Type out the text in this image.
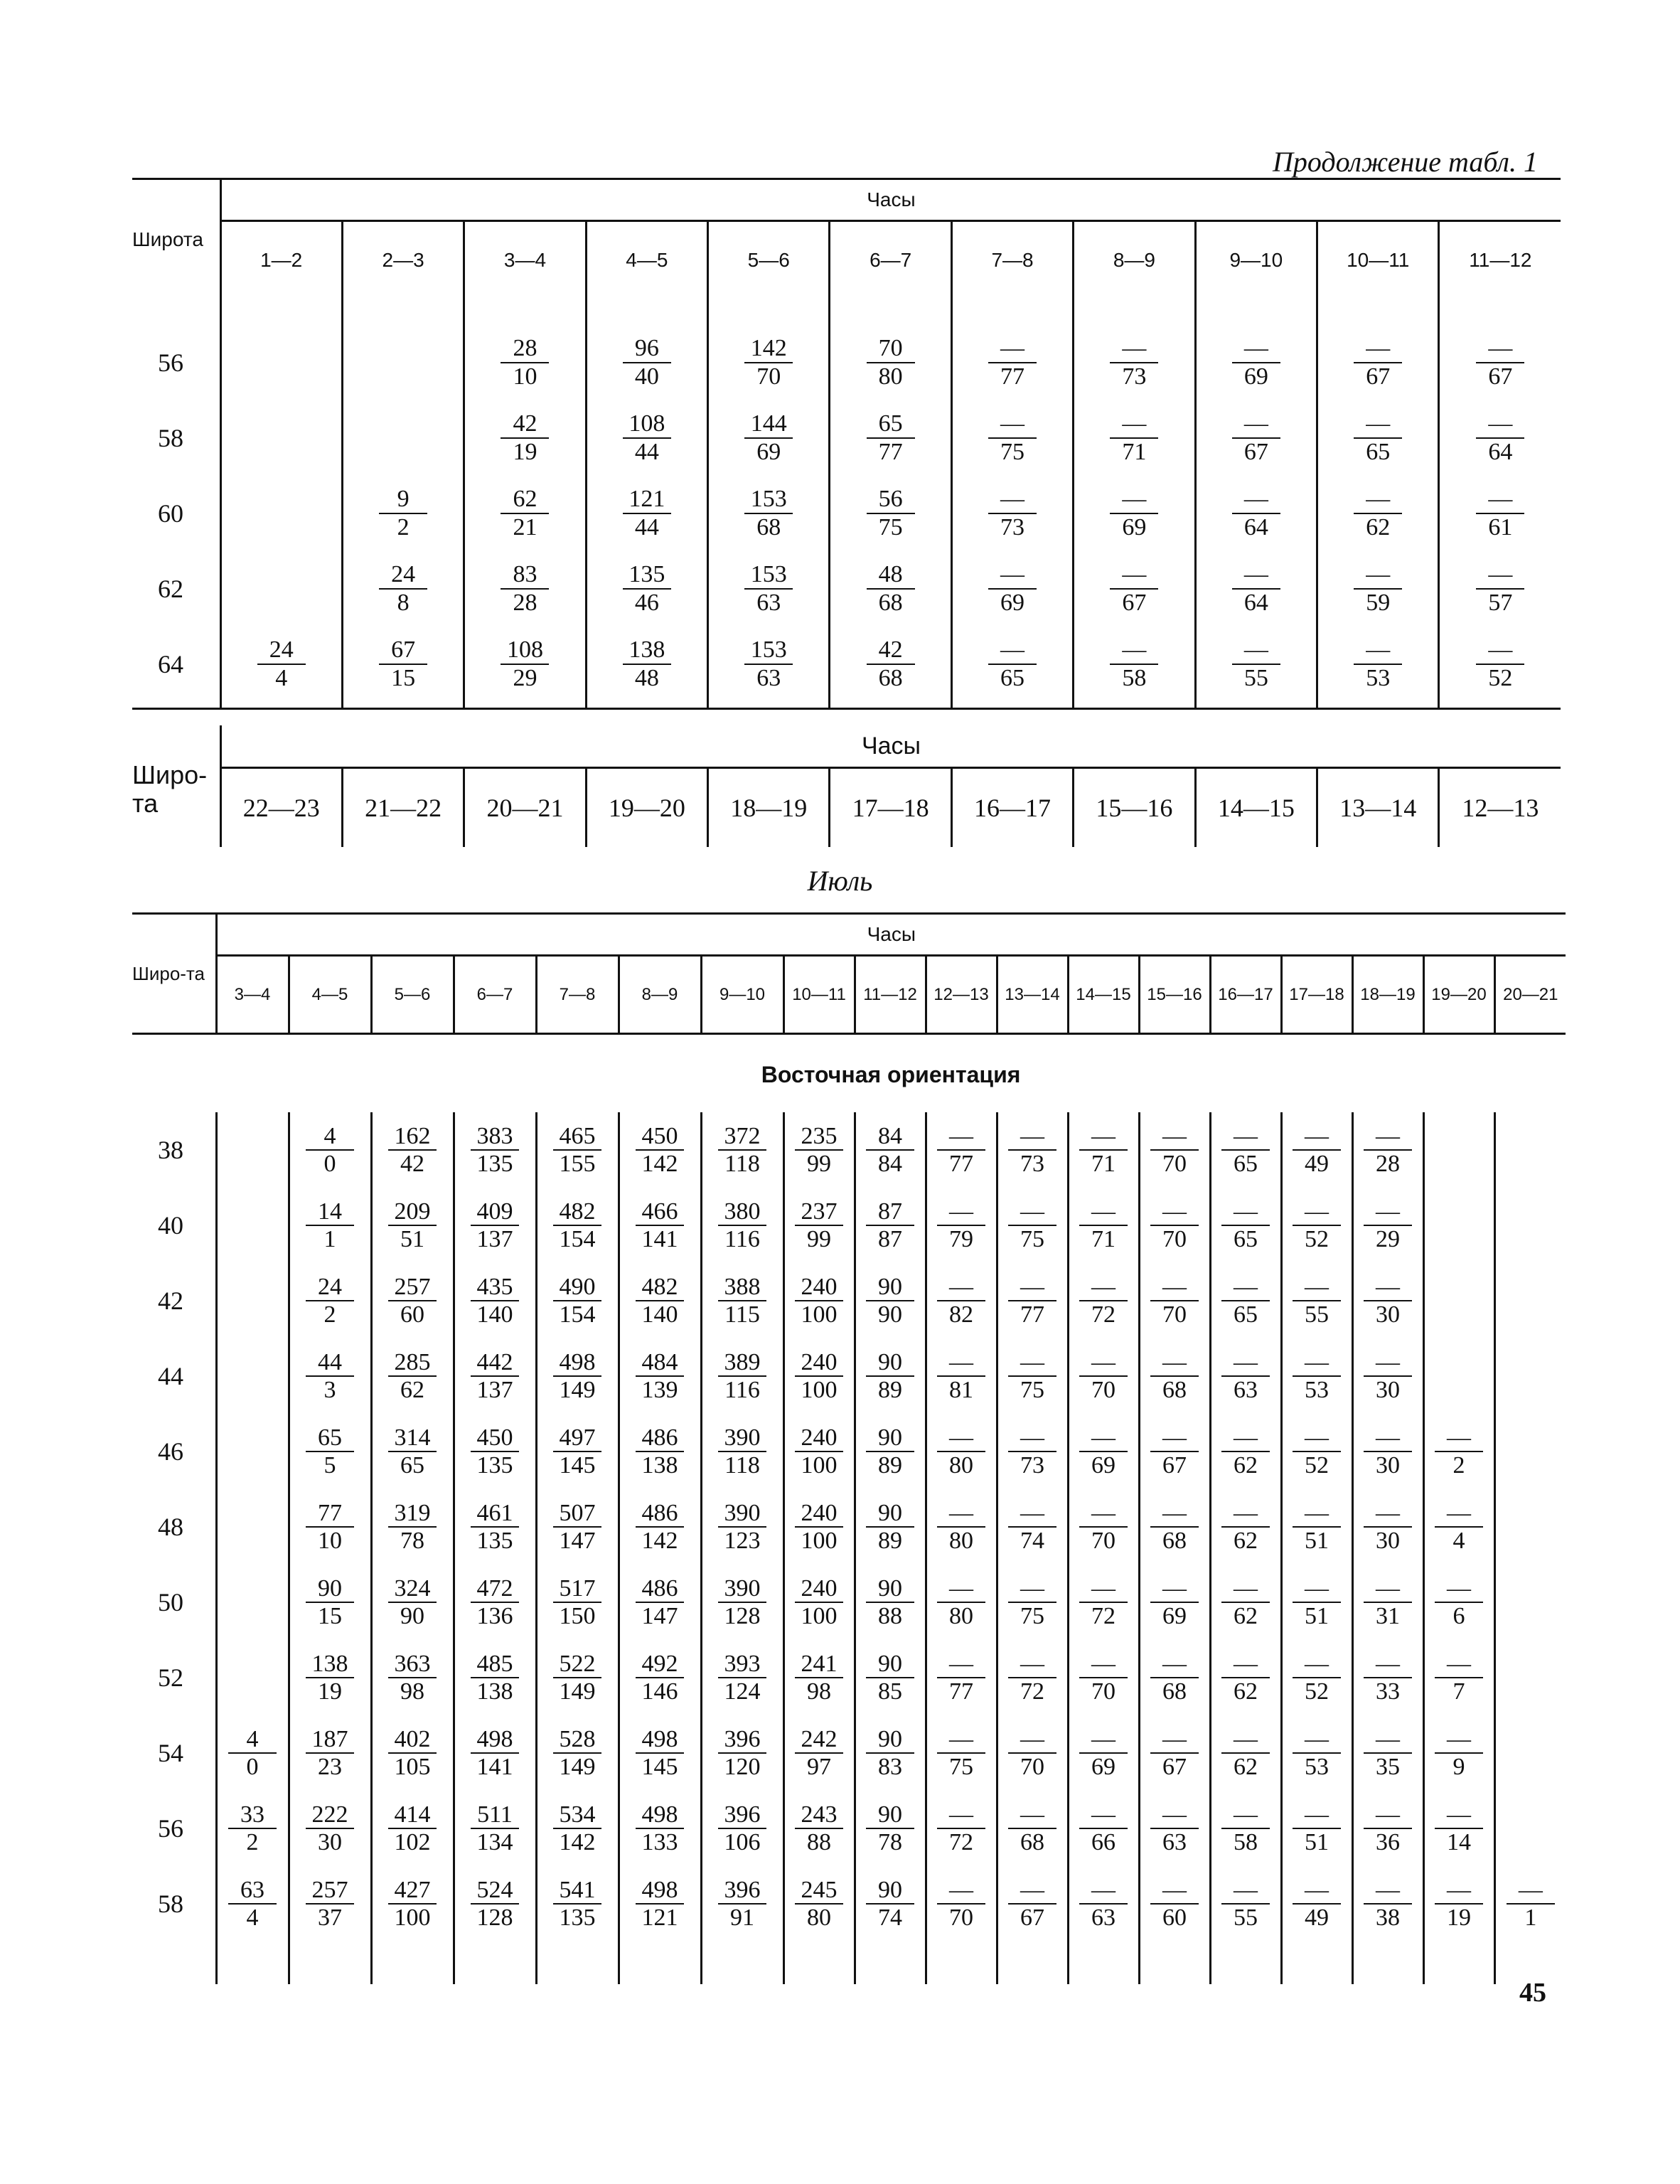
Продолжение табл. 1
Широта	Часы										
	1—2	2—3	3—4	4—5	5—6	6—7	7—8	8—9	9—10	10—11	11—12
56			$\frac{28}{10}$	$\frac{96}{40}$	$\frac{142}{70}$	$\frac{70}{80}$	$\frac{—}{77}$	$\frac{—}{73}$	$\frac{—}{69}$	$\frac{—}{67}$	$\frac{—}{67}$

58			$\frac{42}{19}$	$\frac{108}{44}$	$\frac{144}{69}$	$\frac{65}{77}$	$\frac{—}{75}$	$\frac{—}{71}$	$\frac{—}{67}$	$\frac{—}{65}$	$\frac{—}{64}$

60		$\frac{9}{2}$	$\frac{62}{21}$	$\frac{121}{44}$	$\frac{153}{68}$	$\frac{56}{75}$	$\frac{—}{73}$	$\frac{—}{69}$	$\frac{—}{64}$	$\frac{—}{62}$	$\frac{—}{61}$

62		$\frac{24}{8}$	$\frac{83}{28}$	$\frac{135}{46}$	$\frac{153}{63}$	$\frac{48}{68}$	$\frac{—}{69}$	$\frac{—}{67}$	$\frac{—}{64}$	$\frac{—}{59}$	$\frac{—}{57}$

64	$\frac{24}{4}$	$\frac{67}{15}$	$\frac{108}{29}$	$\frac{138}{48}$	$\frac{153}{63}$	$\frac{42}{68}$	$\frac{—}{65}$	$\frac{—}{58}$	$\frac{—}{55}$	$\frac{—}{53}$	$\frac{—}{52}$
Широ-та	Часы										
	22—23	21—22	20—21	19—20	18—19	17—18	16—17	15—16	14—15	13—14	12—13
Июль
Широ-та	Часы																	
	3—4	4—5	5—6	6—7	7—8	8—9	9—10	10—11	11—12	12—13	13—14	14—15	15—16	16—17	17—18	18—19	19—20	20—21
	Восточная ориентация																	
38		$\frac{4}{0}$	$\frac{162}{42}$	$\frac{383}{135}$	$\frac{465}{155}$	$\frac{450}{142}$	$\frac{372}{118}$	$\frac{235}{99}$	$\frac{84}{84}$	$\frac{—}{77}$	$\frac{—}{73}$	$\frac{—}{71}$	$\frac{—}{70}$	$\frac{—}{65}$	$\frac{—}{49}$	$\frac{—}{28}$

40		$\frac{14}{1}$	$\frac{209}{51}$	$\frac{409}{137}$	$\frac{482}{154}$	$\frac{466}{141}$	$\frac{380}{116}$	$\frac{237}{99}$	$\frac{87}{87}$	$\frac{—}{79}$	$\frac{—}{75}$	$\frac{—}{71}$	$\frac{—}{70}$	$\frac{—}{65}$	$\frac{—}{52}$	$\frac{—}{29}$

42		$\frac{24}{2}$	$\frac{257}{60}$	$\frac{435}{140}$	$\frac{490}{154}$	$\frac{482}{140}$	$\frac{388}{115}$	$\frac{240}{100}$	$\frac{90}{90}$	$\frac{—}{82}$	$\frac{—}{77}$	$\frac{—}{72}$	$\frac{—}{70}$	$\frac{—}{65}$	$\frac{—}{55}$	$\frac{—}{30}$

44		$\frac{44}{3}$	$\frac{285}{62}$	$\frac{442}{137}$	$\frac{498}{149}$	$\frac{484}{139}$	$\frac{389}{116}$	$\frac{240}{100}$	$\frac{90}{89}$	$\frac{—}{81}$	$\frac{—}{75}$	$\frac{—}{70}$	$\frac{—}{68}$	$\frac{—}{63}$	$\frac{—}{53}$	$\frac{—}{30}$

46		$\frac{65}{5}$	$\frac{314}{65}$	$\frac{450}{135}$	$\frac{497}{145}$	$\frac{486}{138}$	$\frac{390}{118}$	$\frac{240}{100}$	$\frac{90}{89}$	$\frac{—}{80}$	$\frac{—}{73}$	$\frac{—}{69}$	$\frac{—}{67}$	$\frac{—}{62}$	$\frac{—}{52}$	$\frac{—}{30}$	$\frac{—}{2}$

48		$\frac{77}{10}$	$\frac{319}{78}$	$\frac{461}{135}$	$\frac{507}{147}$	$\frac{486}{142}$	$\frac{390}{123}$	$\frac{240}{100}$	$\frac{90}{89}$	$\frac{—}{80}$	$\frac{—}{74}$	$\frac{—}{70}$	$\frac{—}{68}$	$\frac{—}{62}$	$\frac{—}{51}$	$\frac{—}{30}$	$\frac{—}{4}$

50		$\frac{90}{15}$	$\frac{324}{90}$	$\frac{472}{136}$	$\frac{517}{150}$	$\frac{486}{147}$	$\frac{390}{128}$	$\frac{240}{100}$	$\frac{90}{88}$	$\frac{—}{80}$	$\frac{—}{75}$	$\frac{—}{72}$	$\frac{—}{69}$	$\frac{—}{62}$	$\frac{—}{51}$	$\frac{—}{31}$	$\frac{—}{6}$

52		$\frac{138}{19}$	$\frac{363}{98}$	$\frac{485}{138}$	$\frac{522}{149}$	$\frac{492}{146}$	$\frac{393}{124}$	$\frac{241}{98}$	$\frac{90}{85}$	$\frac{—}{77}$	$\frac{—}{72}$	$\frac{—}{70}$	$\frac{—}{68}$	$\frac{—}{62}$	$\frac{—}{52}$	$\frac{—}{33}$	$\frac{—}{7}$

54	$\frac{4}{0}$	$\frac{187}{23}$	$\frac{402}{105}$	$\frac{498}{141}$	$\frac{528}{149}$	$\frac{498}{145}$	$\frac{396}{120}$	$\frac{242}{97}$	$\frac{90}{83}$	$\frac{—}{75}$	$\frac{—}{70}$	$\frac{—}{69}$	$\frac{—}{67}$	$\frac{—}{62}$	$\frac{—}{53}$	$\frac{—}{35}$	$\frac{—}{9}$

56	$\frac{33}{2}$	$\frac{222}{30}$	$\frac{414}{102}$	$\frac{511}{134}$	$\frac{534}{142}$	$\frac{498}{133}$	$\frac{396}{106}$	$\frac{243}{88}$	$\frac{90}{78}$	$\frac{—}{72}$	$\frac{—}{68}$	$\frac{—}{66}$	$\frac{—}{63}$	$\frac{—}{58}$	$\frac{—}{51}$	$\frac{—}{36}$	$\frac{—}{14}$

58	$\frac{63}{4}$	$\frac{257}{37}$	$\frac{427}{100}$	$\frac{524}{128}$	$\frac{541}{135}$	$\frac{498}{121}$	$\frac{396}{91}$	$\frac{245}{80}$	$\frac{90}{74}$	$\frac{—}{70}$	$\frac{—}{67}$	$\frac{—}{63}$	$\frac{—}{60}$	$\frac{—}{55}$	$\frac{—}{49}$	$\frac{—}{38}$	$\frac{—}{19}$	$\frac{—}{1}$

45
